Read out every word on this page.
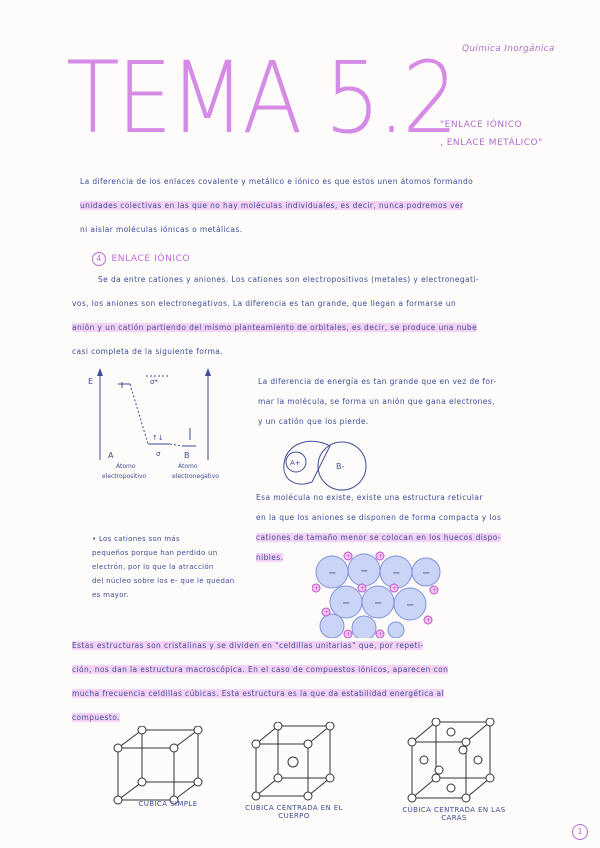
Química Inorgánica
TEMA 5.2
"ENLACE IÓNICO
, ENLACE METÁLICO"
La diferencia de los enlaces covalente y metálico e iónico es que estos unen átomos formando
unidades colectivas en las que no hay moléculas individuales, es decir, nunca podremos ver
ni aislar moléculas iónicas o metálicas.
4 ENLACE IÓNICO
Se da entre cationes y aniones. Los cationes son electropositivos (metales) y electronegati-
vos, los aniones son electronegativos. La diferencia es tan grande, que llegan a formarse un
anión y un catión partiendo del mismo planteamiento de orbitales, es decir, se produce una nube
casi completa de la siguiente forma.
E	σ*
↑↓
σ
A	B
Átomo
electropositivo
Átomo
electronegativo
La diferencia de energía es tan grande que en vez de for-
mar la molécula, se forma un anión que gana electrones,
y un catión que los pierde.
A+	B-
Esa molécula no existe, existe una estructura reticular
en la que los aniones se disponen de forma compacta y los
cationes de tamaño menor se colocan en los huecos dispo-
nibles.
• Los cationes son más
pequeños porque han perdido un
electrón, por lo que la atracción
del núcleo sobre los e- que le quedan
es mayor.
− − − −
− − −
+	+
+	+	+	+
+
+
+	+
Estas estructuras son cristalinas y se dividen en "celdillas unitarias" que, por repeti-
ción, nos dan la estructura macroscópica. En el caso de compuestos iónicos, aparecen con
mucha frecuencia celdillas cúbicas. Esta estructura es la que da estabilidad energética al
compuesto.
CÚBICA SIMPLE	CÚBICA CENTRADA EN EL
CUERPO
CÚBICA CENTRADA EN LAS
CARAS
1
